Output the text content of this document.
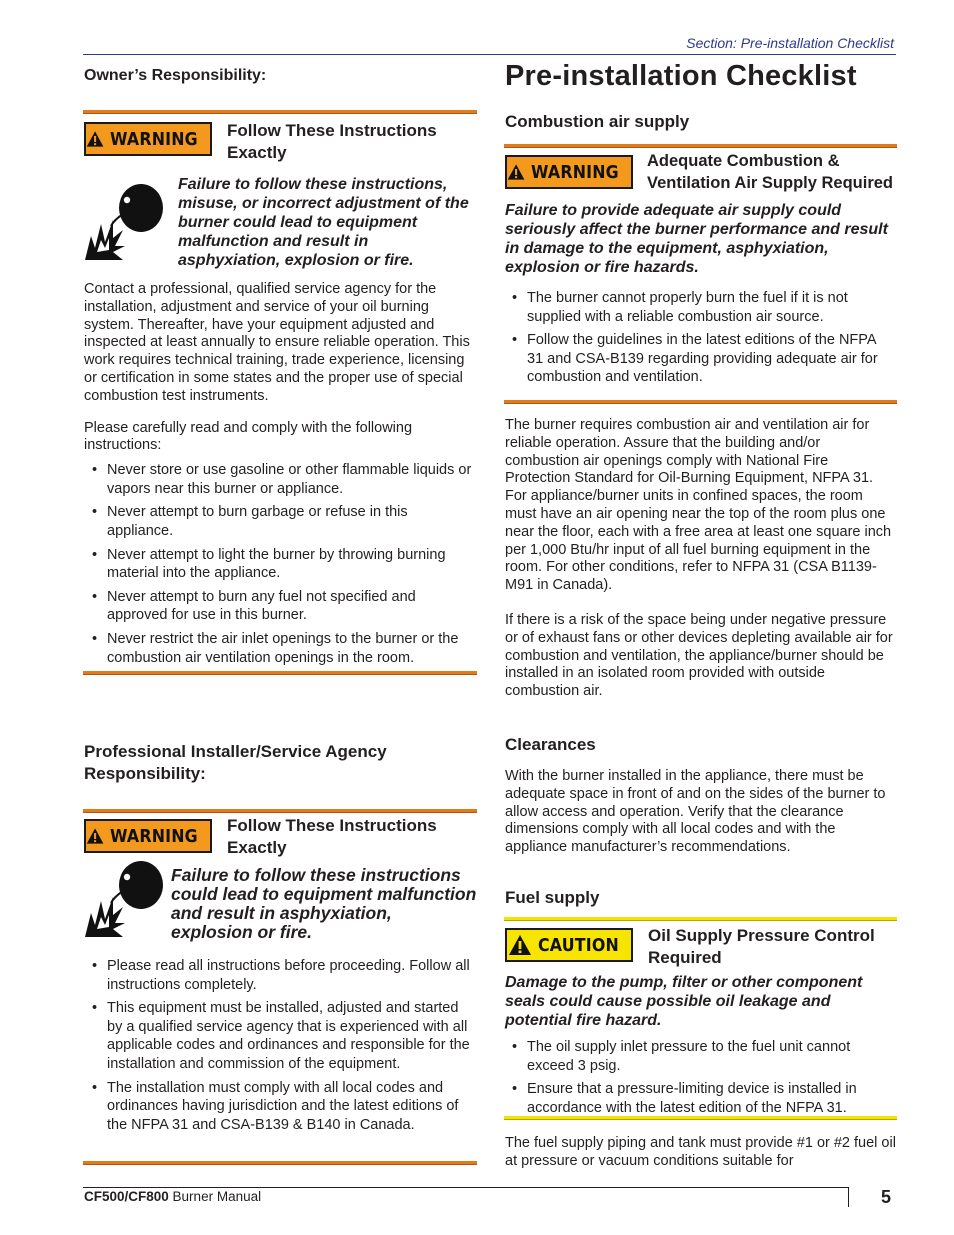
Section: Pre-installation Checklist
Owner’s Responsibility:
WARNING Follow These Instructions Exactly
Failure to follow these instructions, misuse, or incorrect adjustment of the burner could lead to equipment malfunction and result in asphyxiation, explosion or fire.

Contact a professional, qualified service agency for the installation, adjustment and service of your oil burning system. Thereafter, have your equipment adjusted and inspected at least annually to ensure reliable operation. This work requires technical training, trade experience, licensing or certification in some states and the proper use of special combustion test instruments.

Please carefully read and comply with the following instructions:

• Never store or use gasoline or other flammable liquids or vapors near this burner or appliance.
• Never attempt to burn garbage or refuse in this appliance.
• Never attempt to light the burner by throwing burning material into the appliance.
• Never attempt to burn any fuel not specified and approved for use in this burner.
• Never restrict the air inlet openings to the burner or the combustion air ventilation openings in the room.
Professional Installer/Service Agency Responsibility:
WARNING Follow These Instructions Exactly
Failure to follow these instructions could lead to equipment malfunction and result in asphyxiation, explosion or fire.
• Please read all instructions before proceeding. Follow all instructions completely.
• This equipment must be installed, adjusted and started by a qualified service agency that is experienced with all applicable codes and ordinances and responsible for the installation and commission of the equipment.
• The installation must comply with all local codes and ordinances having jurisdiction and the latest editions of the NFPA 31 and CSA-B139 & B140 in Canada.
Pre-installation Checklist
Combustion air supply
WARNING
Adequate Combustion & Ventilation Air Supply Required
Failure to provide adequate air supply could seriously affect the burner performance and result in damage to the equipment, asphyxiation, explosion or fire hazards.
• The burner cannot properly burn the fuel if it is not supplied with a reliable combustion air source.
• Follow the guidelines in the latest editions of the NFPA 31 and CSA-B139 regarding providing adequate air for combustion and ventilation.

The burner requires combustion air and ventilation air for reliable operation. Assure that the building and/or combustion air openings comply with National Fire Protection Standard for Oil-Burning Equipment, NFPA 31. For appliance/burner units in confined spaces, the room must have an air opening near the top of the room plus one near the floor, each with a free area at least one square inch per 1,000 Btu/hr input of all fuel burning equipment in the room. For other conditions, refer to NFPA 31 (CSA B1139-M91 in Canada).

If there is a risk of the space being under negative pressure or of exhaust fans or other devices depleting available air for combustion and ventilation, the appliance/burner should be installed in an isolated room provided with outside combustion air.

Clearances

With the burner installed in the appliance, there must be adequate space in front of and on the sides of the burner to allow access and operation. Verify that the clearance dimensions comply with all local codes and with the appliance manufacturer’s recommendations.

Fuel supply
CAUTION Oil Supply Pressure Control Required
Damage to the pump, filter or other component seals could cause possible oil leakage and potential fire hazard.
• The oil supply inlet pressure to the fuel unit cannot exceed 3 psig.
• Ensure that a pressure-limiting device is installed in accordance with the latest edition of the NFPA 31.

The fuel supply piping and tank must provide #1 or #2 fuel oil at pressure or vacuum conditions suitable for

CF500/CF800 Burner Manual	5
